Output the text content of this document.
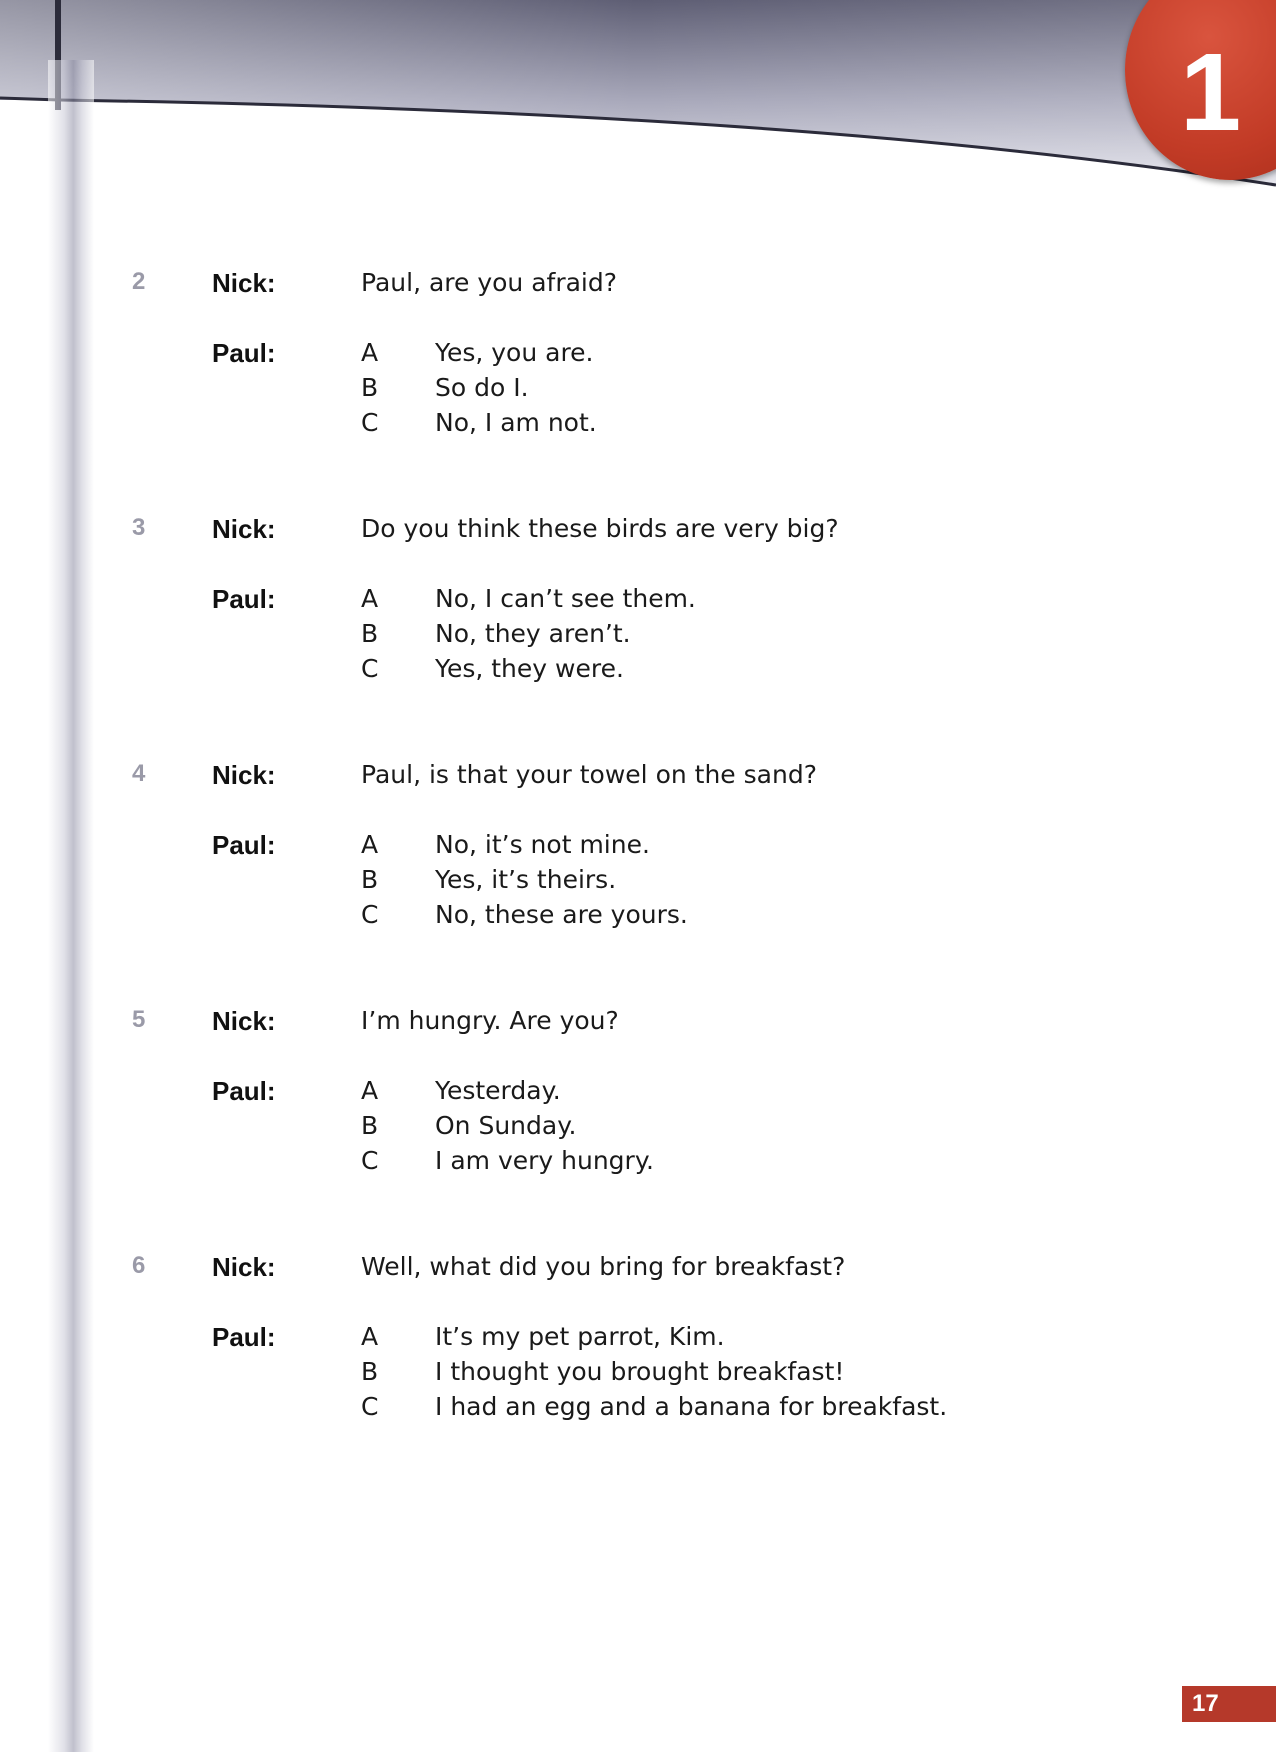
1
2	Nick:	Paul, are you afraid?
Paul:	A Yes, you are.
B So do I.
C No, I am not.
3	Nick:	Do you think these birds are very big?
Paul:	A No, I can’t see them.
B No, they aren’t.
C Yes, they were.
4	Nick:	Paul, is that your towel on the sand?
Paul:	A No, it’s not mine.
B Yes, it’s theirs.
C No, these are yours.
5	Nick:	I’m hungry. Are you?
Paul:	A Yesterday.
B On Sunday.
C I am very hungry.
6	Nick:	Well, what did you bring for breakfast?
Paul:	A It’s my pet parrot, Kim.
B I thought you brought breakfast!
C I had an egg and a banana for breakfast.
17
